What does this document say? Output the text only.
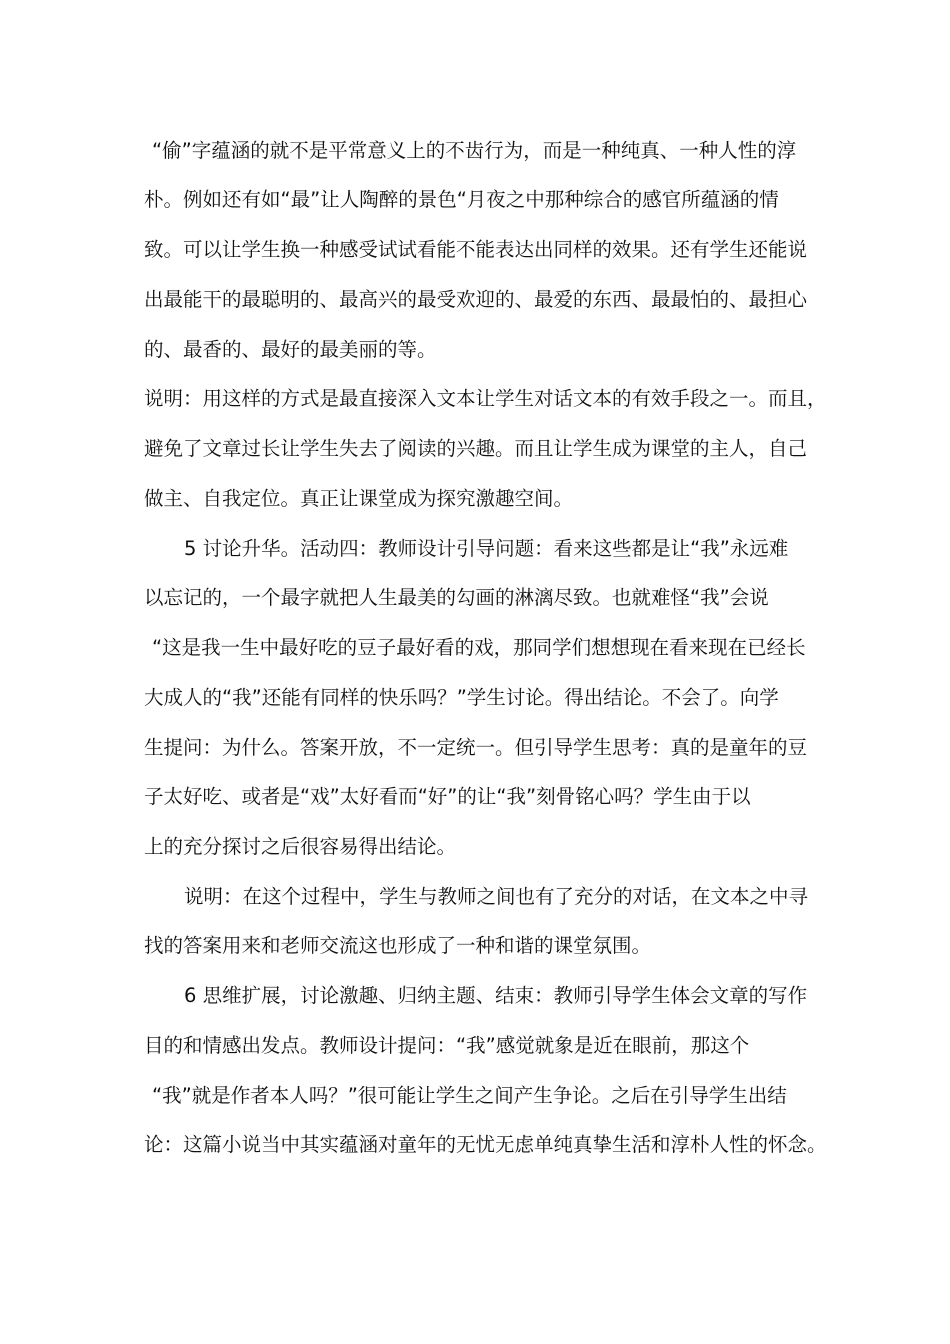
“偷”字蕴涵的就不是平常意义上的不齿行为，而是一种纯真、一种人性的淳
朴。例如还有如“最”让人陶醉的景色“月夜之中那种综合的感官所蕴涵的情
致。可以让学生换一种感受试试看能不能表达出同样的效果。还有学生还能说
出最能干的最聪明的、最高兴的最受欢迎的、最爱的东西、最最怕的、最担心
的、最香的、最好的最美丽的等。
说明：用这样的方式是最直接深入文本让学生对话文本的有效手段之一。而且，
避免了文章过长让学生失去了阅读的兴趣。而且让学生成为课堂的主人，自己
做主、自我定位。真正让课堂成为探究激趣空间。
5 讨论升华。活动四：教师设计引导问题：看来这些都是让“我”永远难
以忘记的，一个最字就把人生最美的勾画的淋漓尽致。也就难怪“我”会说
“这是我一生中最好吃的豆子最好看的戏，那同学们想想现在看来现在已经长
大成人的“我”还能有同样的快乐吗？”学生讨论。得出结论。不会了。向学
生提问：为什么。答案开放，不一定统一。但引导学生思考：真的是童年的豆
子太好吃、或者是“戏”太好看而“好”的让“我”刻骨铭心吗？学生由于以
上的充分探讨之后很容易得出结论。
说明：在这个过程中，学生与教师之间也有了充分的对话，在文本之中寻
找的答案用来和老师交流这也形成了一种和谐的课堂氛围。
6 思维扩展，讨论激趣、归纳主题、结束：教师引导学生体会文章的写作
目的和情感出发点。教师设计提问：“我”感觉就象是近在眼前，那这个
“我”就是作者本人吗？”很可能让学生之间产生争论。之后在引导学生出结
论：这篇小说当中其实蕴涵对童年的无忧无虑单纯真挚生活和淳朴人性的怀念。
